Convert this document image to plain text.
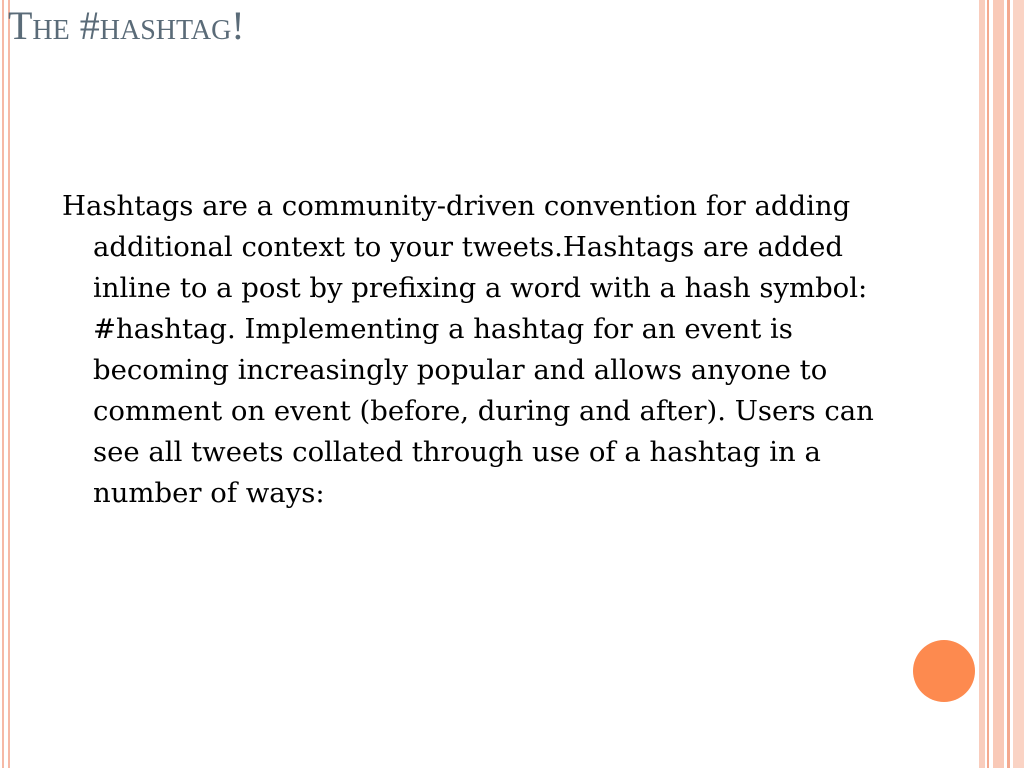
The #hashtag!

Hashtags are a community-driven convention for adding additional context to your tweets.Hashtags are added inline to a post by prefixing a word with a hash symbol: #hashtag. Implementing a hashtag for an event is becoming increasingly popular and allows anyone to comment on event (before, during and after). Users can see all tweets collated through use of a hashtag in a number of ways:
